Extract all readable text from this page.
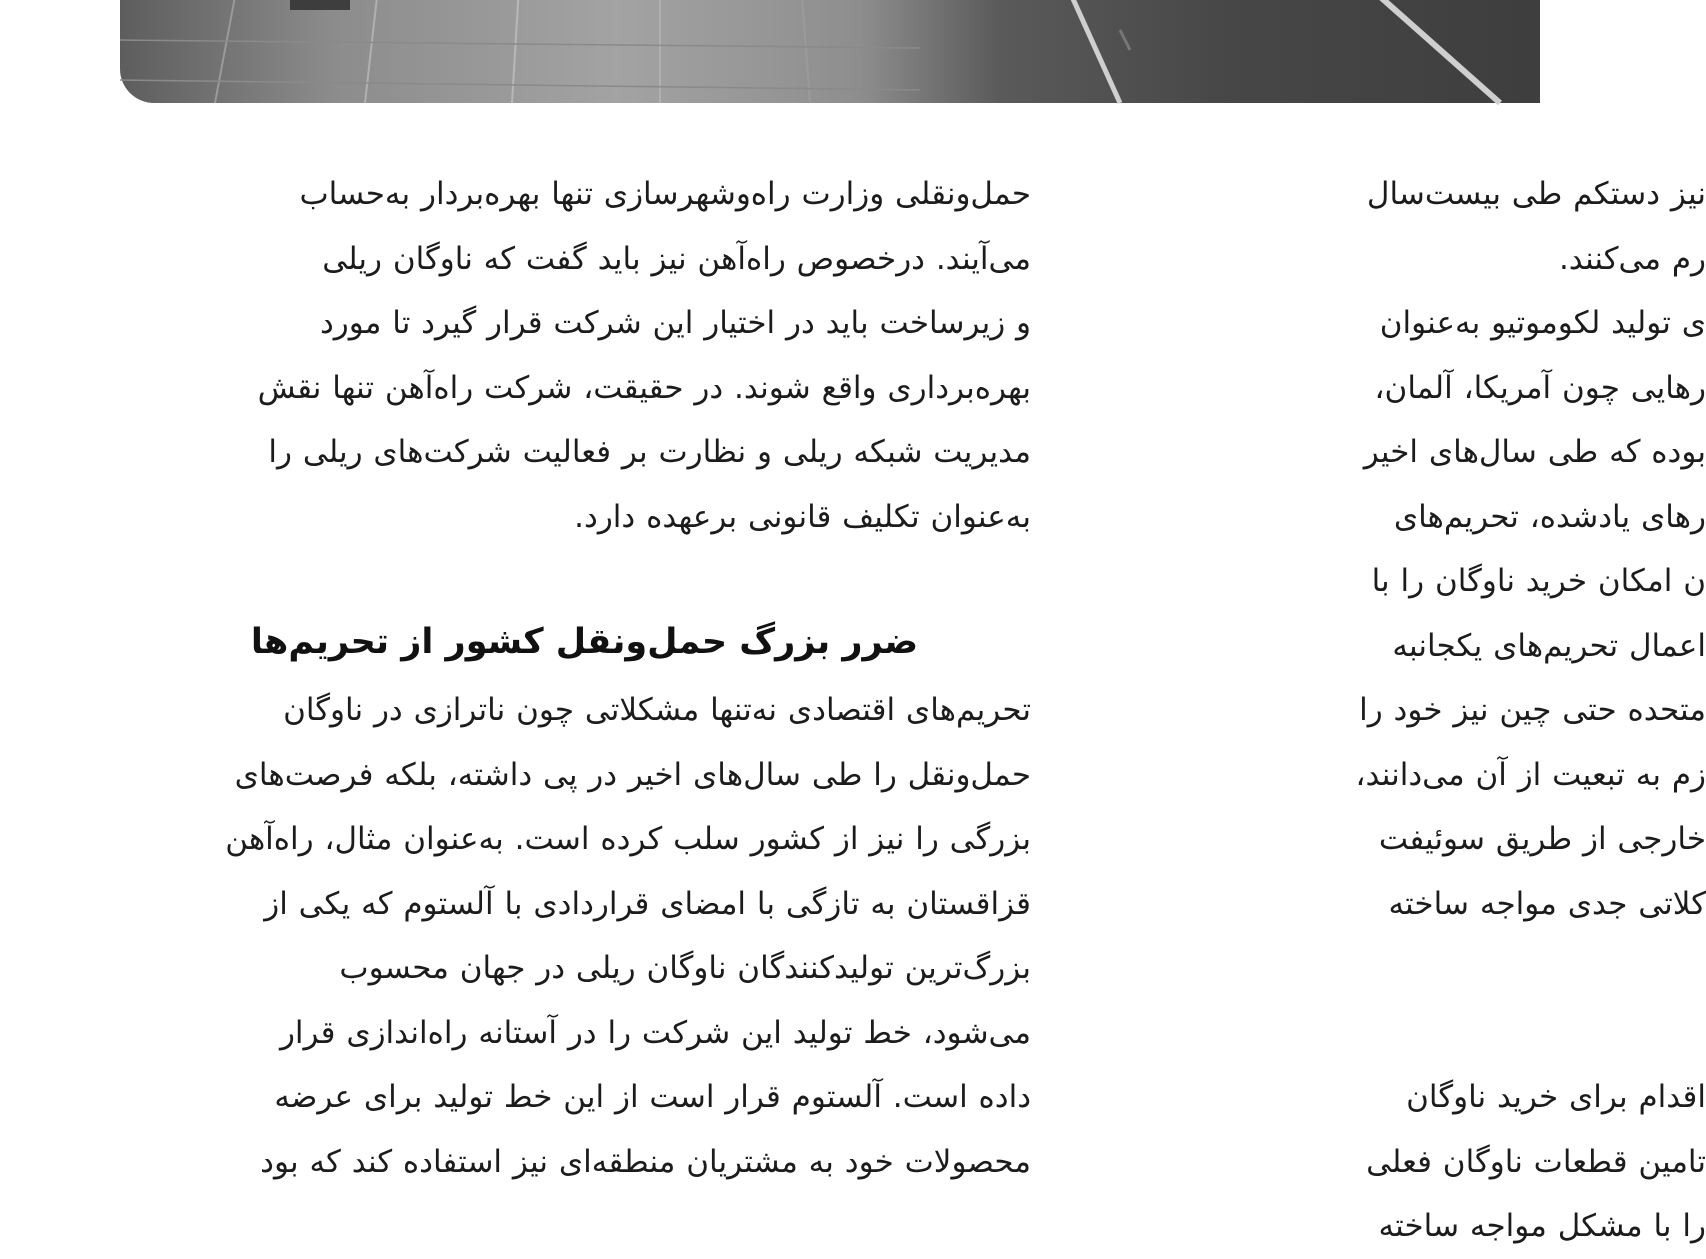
حمل‌ونقلی وزارت راه‌وشهرسازی تنها بهره‌بردار به‌حساب
می‌آیند. درخصوص راه‌آهن نیز باید گفت که ناوگان ریلی
و زیرساخت باید در اختیار این شرکت قرار گیرد تا مورد
بهره‌برداری واقع شوند. در حقیقت، شرکت راه‌آهن تنها نقش
مدیریت شبکه ریلی و نظارت بر فعالیت شرکت‌های ریلی را
به‌عنوان تکلیف قانونی برعهده دارد.
تحریم‌های اقتصادی نه‌تنها مشکلاتی چون ناترازی در ناوگان
حمل‌ونقل را طی سال‌های اخیر در پی داشته، بلکه فرصت‌های
بزرگی را نیز از کشور سلب کرده است. به‌عنوان مثال، راه‌آهن
قزاقستان به تازگی با امضای قراردادی با آلستوم که یکی از
بزرگ‌ترین تولیدکنندگان ناوگان ریلی در جهان محسوب
می‌شود، خط تولید این شرکت را در آستانه راه‌اندازی قرار
داده است. آلستوم قرار است از این خط تولید برای عرضه
محصولات خود به مشتریان منطقه‌ای نیز استفاده کند که بود
ضرر بزرگ حمل‌ونقل کشور از تحریم‌ها
نیز دستکم طی بیست‌سال
رم می‌کنند.
ی تولید لکوموتیو به‌عنوان
رهایی چون آمریکا، آلمان،
بوده که طی سال‌های اخیر
رهای یادشده، تحریم‌های
ن امکان خرید ناوگان را با
اعمال تحریم‌های یکجانبه
متحده حتی چین نیز خود را
زم به تبعیت از آن می‌دانند،
خارجی از طریق سوئیفت
کلاتی جدی مواجه ساخته
اقدام برای خرید ناوگان
تامین قطعات ناوگان فعلی
را با مشکل مواجه ساخته
